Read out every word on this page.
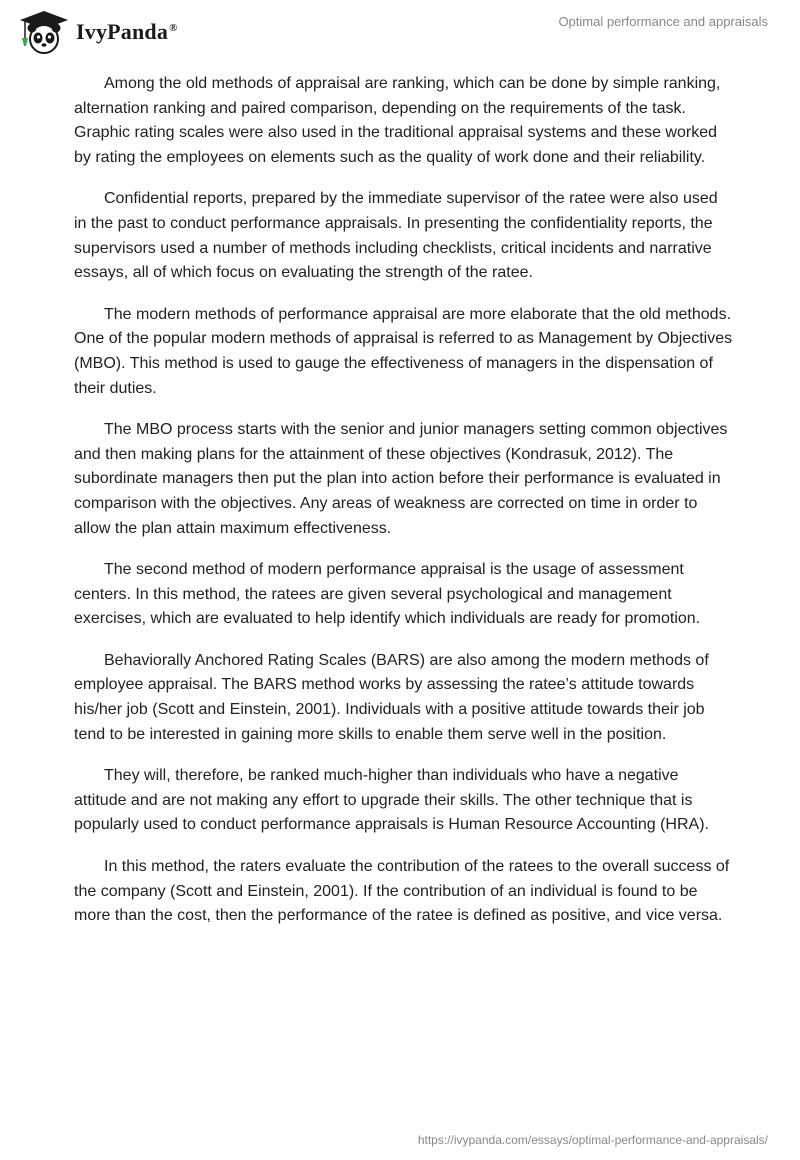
IvyPanda®	Optimal performance and appraisals

Among the old methods of appraisal are ranking, which can be done by simple ranking, alternation ranking and paired comparison, depending on the requirements of the task. Graphic rating scales were also used in the traditional appraisal systems and these worked by rating the employees on elements such as the quality of work done and their reliability.

Confidential reports, prepared by the immediate supervisor of the ratee were also used in the past to conduct performance appraisals. In presenting the confidentiality reports, the supervisors used a number of methods including checklists, critical incidents and narrative essays, all of which focus on evaluating the strength of the ratee.

The modern methods of performance appraisal are more elaborate that the old methods. One of the popular modern methods of appraisal is referred to as Management by Objectives (MBO). This method is used to gauge the effectiveness of managers in the dispensation of their duties.

The MBO process starts with the senior and junior managers setting common objectives and then making plans for the attainment of these objectives (Kondrasuk, 2012). The subordinate managers then put the plan into action before their performance is evaluated in comparison with the objectives. Any areas of weakness are corrected on time in order to allow the plan attain maximum effectiveness.

The second method of modern performance appraisal is the usage of assessment centers. In this method, the ratees are given several psychological and management exercises, which are evaluated to help identify which individuals are ready for promotion.

Behaviorally Anchored Rating Scales (BARS) are also among the modern methods of employee appraisal. The BARS method works by assessing the ratee’s attitude towards his/her job (Scott and Einstein, 2001). Individuals with a positive attitude towards their job tend to be interested in gaining more skills to enable them serve well in the position.

They will, therefore, be ranked much-higher than individuals who have a negative attitude and are not making any effort to upgrade their skills. The other technique that is popularly used to conduct performance appraisals is Human Resource Accounting (HRA).

In this method, the raters evaluate the contribution of the ratees to the overall success of the company (Scott and Einstein, 2001). If the contribution of an individual is found to be more than the cost, then the performance of the ratee is defined as positive, and vice versa.

https://ivypanda.com/essays/optimal-performance-and-appraisals/
